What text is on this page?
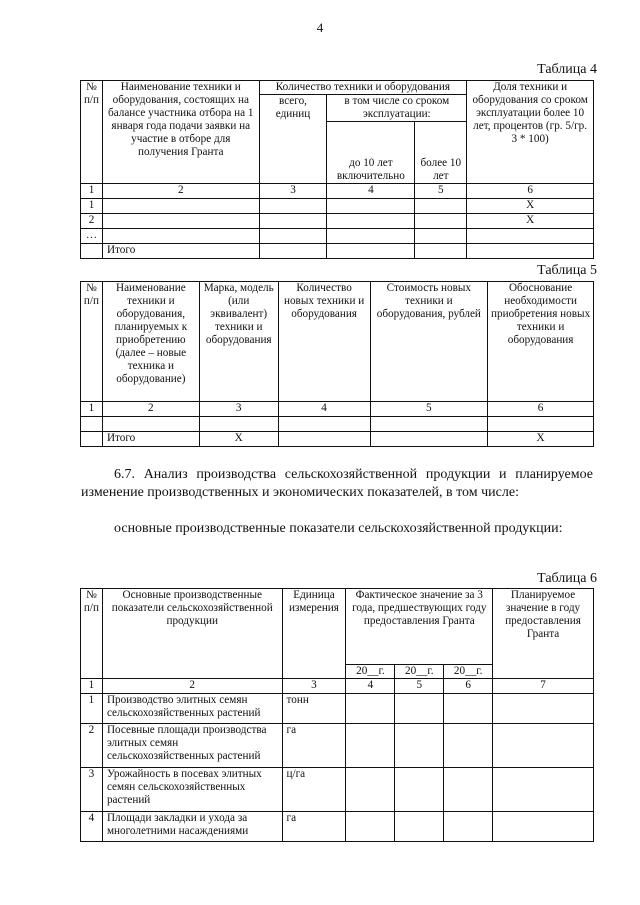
4
Таблица 4
№ п/п	Наименование техники и оборудования, состоящих на балансе участника отбора на 1 января года подачи заявки на участие в отборе для получения Гранта	Количество техники и оборудования			Доля техники и оборудования со сроком эксплуатации более 10 лет, процентов (гр. 5/гр. 3 * 100)
		всего, единиц	в том числе со сроком эксплуатации:		
			до 10 лет включительно	более 10 лет	
1	2	3	4	5	6
1					X
2					X
…					
	Итого				
Таблица 5
№ п/п	Наименование техники и оборудования, планируемых к приобретению (далее – новые техника и оборудование)	Марка, модель (или эквивалент) техники и оборудования	Количество новых техники и оборудования	Стоимость новых техники и оборудования, рублей	Обоснование необходимости приобретения новых техники и оборудования
1	2	3	4	5	6

	Итого	X			X
6.7. Анализ производства сельскохозяйственной продукции и планируемое изменение производственных и экономических показателей, в том числе:
основные производственные показатели сельскохозяйственной продукции:
Таблица 6
№ п/п	Основные производственные показатели сельскохозяйственной продукции	Единица измерения	Фактическое значение за 3 года, предшествующих году предоставления Гранта			Планируемое значение в году предоставления Гранта
			20__г.	20__г.	20__г.	
1	2	3	4	5	6	7
1	Производство элитных семян сельскохозяйственных растений	тонн				
2	Посевные площади производства элитных семян сельскохозяйственных растений	га				
3	Урожайность в посевах элитных семян сельскохозяйственных растений	ц/га				
4	Площади закладки и ухода за многолетними насаждениями	га				
